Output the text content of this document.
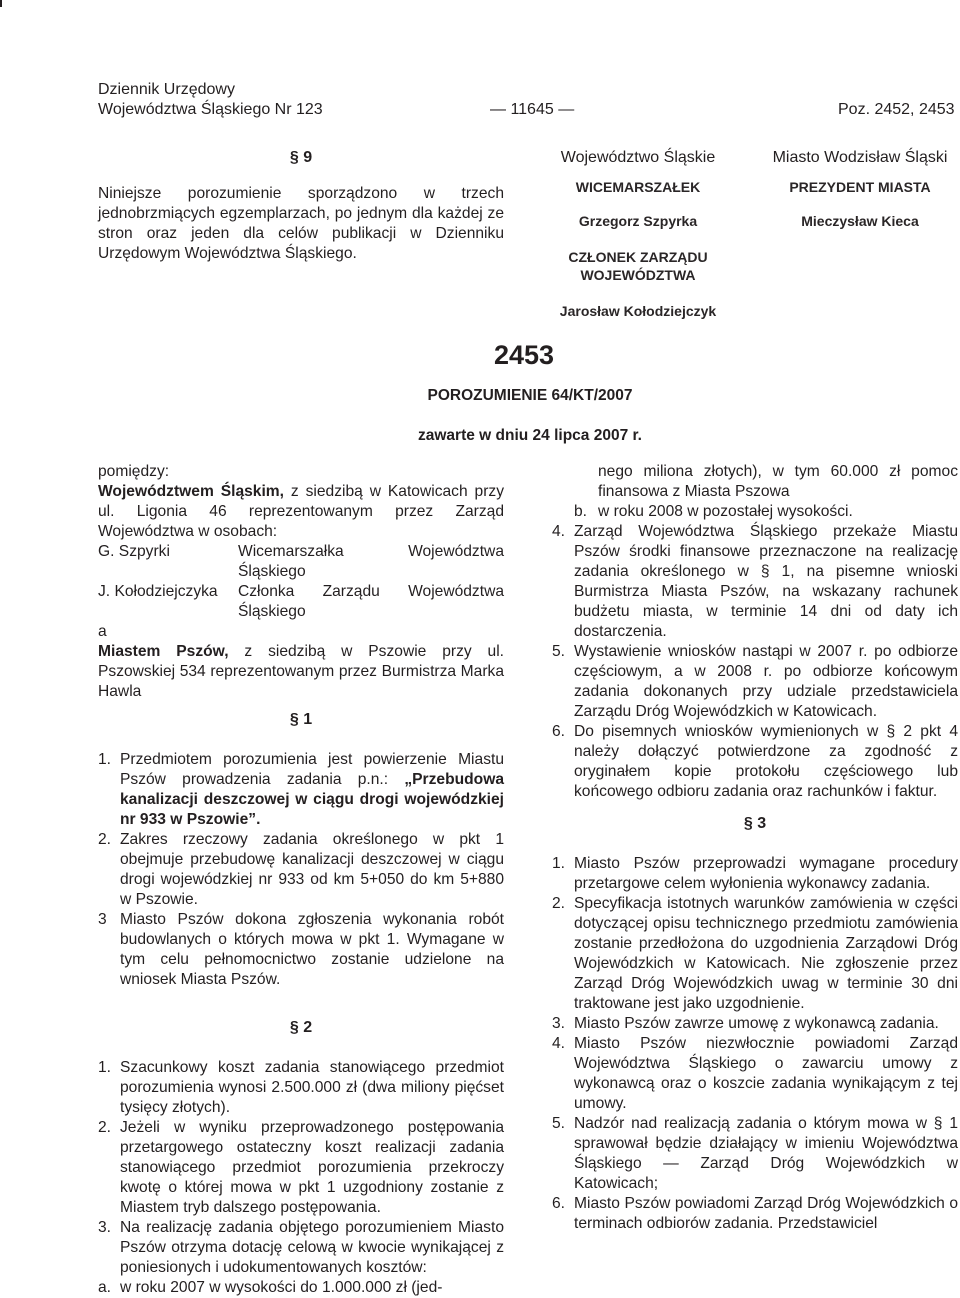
Dziennik Urzędowy
Województwa Śląskiego Nr 123	— 11645 —	Poz. 2452, 2453
§ 9
Niniejsze porozumienie sporządzono w trzech jednobrzmiących egzemplarzach, po jednym dla każdej ze stron oraz jeden dla celów publikacji w Dzienniku Urzędowym Województwa Śląskiego.
Województwo Śląskie
WICEMARSZAŁEK
Grzegorz Szpyrka
CZŁONEK ZARZĄDU
WOJEWÓDZTWA
Jarosław Kołodziejczyk
Miasto Wodzisław Śląski
PREZYDENT MIASTA
Mieczysław Kieca
2453
POROZUMIENIE 64/KT/2007
zawarte w dniu 24 lipca 2007 r.
pomiędzy:
Województwem Śląskim, z siedzibą w Katowicach przy ul. Ligonia 46 reprezentowanym przez Zarząd Województwa w osobach:
G. Szpyrki	Wicemarszałka Województwa Śląskiego
J. Kołodziejczyka	Członka Zarządu Województwa Śląskiego
a
Miastem Pszów, z siedzibą w Pszowie przy ul. Pszowskiej 534 reprezentowanym przez Burmistrza Marka Hawla
§ 1
1. Przedmiotem porozumienia jest powierzenie Miastu Pszów prowadzenia zadania p.n.: „Przebudowa kanalizacji deszczowej w ciągu drogi wojewódzkiej nr 933 w Pszowie”.
2. Zakres rzeczowy zadania określonego w pkt 1 obejmuje przebudowę kanalizacji deszczowej w ciągu drogi wojewódzkiej nr 933 od km 5+050 do km 5+880 w Pszowie.
3 Miasto Pszów dokona zgłoszenia wykonania robót budowlanych o których mowa w pkt 1. Wymagane w tym celu pełnomocnictwo zostanie udzielone na wniosek Miasta Pszów.
§ 2
1. Szacunkowy koszt zadania stanowiącego przedmiot porozumienia wynosi 2.500.000 zł (dwa miliony pięćset tysięcy złotych).
2. Jeżeli w wyniku przeprowadzonego postępowania przetargowego ostateczny koszt realizacji zadania stanowiącego przedmiot porozumienia przekroczy kwotę o której mowa w pkt 1 uzgodniony zostanie z Miastem tryb dalszego postępowania.
3. Na realizację zadania objętego porozumieniem Miasto Pszów otrzyma dotację celową w kwocie wynikającej z poniesionych i udokumentowanych kosztów:
a. w roku 2007 w wysokości do 1.000.000 zł (jed-
nego miliona złotych), w tym 60.000 zł pomoc finansowa z Miasta Pszowa
b. w roku 2008 w pozostałej wysokości.
4. Zarząd Województwa Śląskiego przekaże Miastu Pszów środki finansowe przeznaczone na realizację zadania określonego w § 1, na pisemne wnioski Burmistrza Miasta Pszów, na wskazany rachunek budżetu miasta, w terminie 14 dni od daty ich dostarczenia.
5. Wystawienie wniosków nastąpi w 2007 r. po odbiorze częściowym, a w 2008 r. po odbiorze końcowym zadania dokonanych przy udziale przedstawiciela Zarządu Dróg Wojewódzkich w Katowicach.
6. Do pisemnych wniosków wymienionych w § 2 pkt 4 należy dołączyć potwierdzone za zgodność z oryginałem kopie protokołu częściowego lub końcowego odbioru zadania oraz rachunków i faktur.
§ 3
1. Miasto Pszów przeprowadzi wymagane procedury przetargowe celem wyłonienia wykonawcy zadania.
2. Specyfikacja istotnych warunków zamówienia w części dotyczącej opisu technicznego przedmiotu zamówienia zostanie przedłożona do uzgodnienia Zarządowi Dróg Wojewódzkich w Katowicach. Nie zgłoszenie przez Zarząd Dróg Wojewódzkich uwag w terminie 30 dni traktowane jest jako uzgodnienie.
3. Miasto Pszów zawrze umowę z wykonawcą zadania.
4. Miasto Pszów niezwłocznie powiadomi Zarząd Województwa Śląskiego o zawarciu umowy z wykonawcą oraz o koszcie zadania wynikającym z tej umowy.
5. Nadzór nad realizacją zadania o którym mowa w § 1 sprawował będzie działający w imieniu Województwa Śląskiego — Zarząd Dróg Wojewódzkich w Katowicach;
6. Miasto Pszów powiadomi Zarząd Dróg Wojewódzkich o terminach odbiorów zadania. Przedstawiciel
